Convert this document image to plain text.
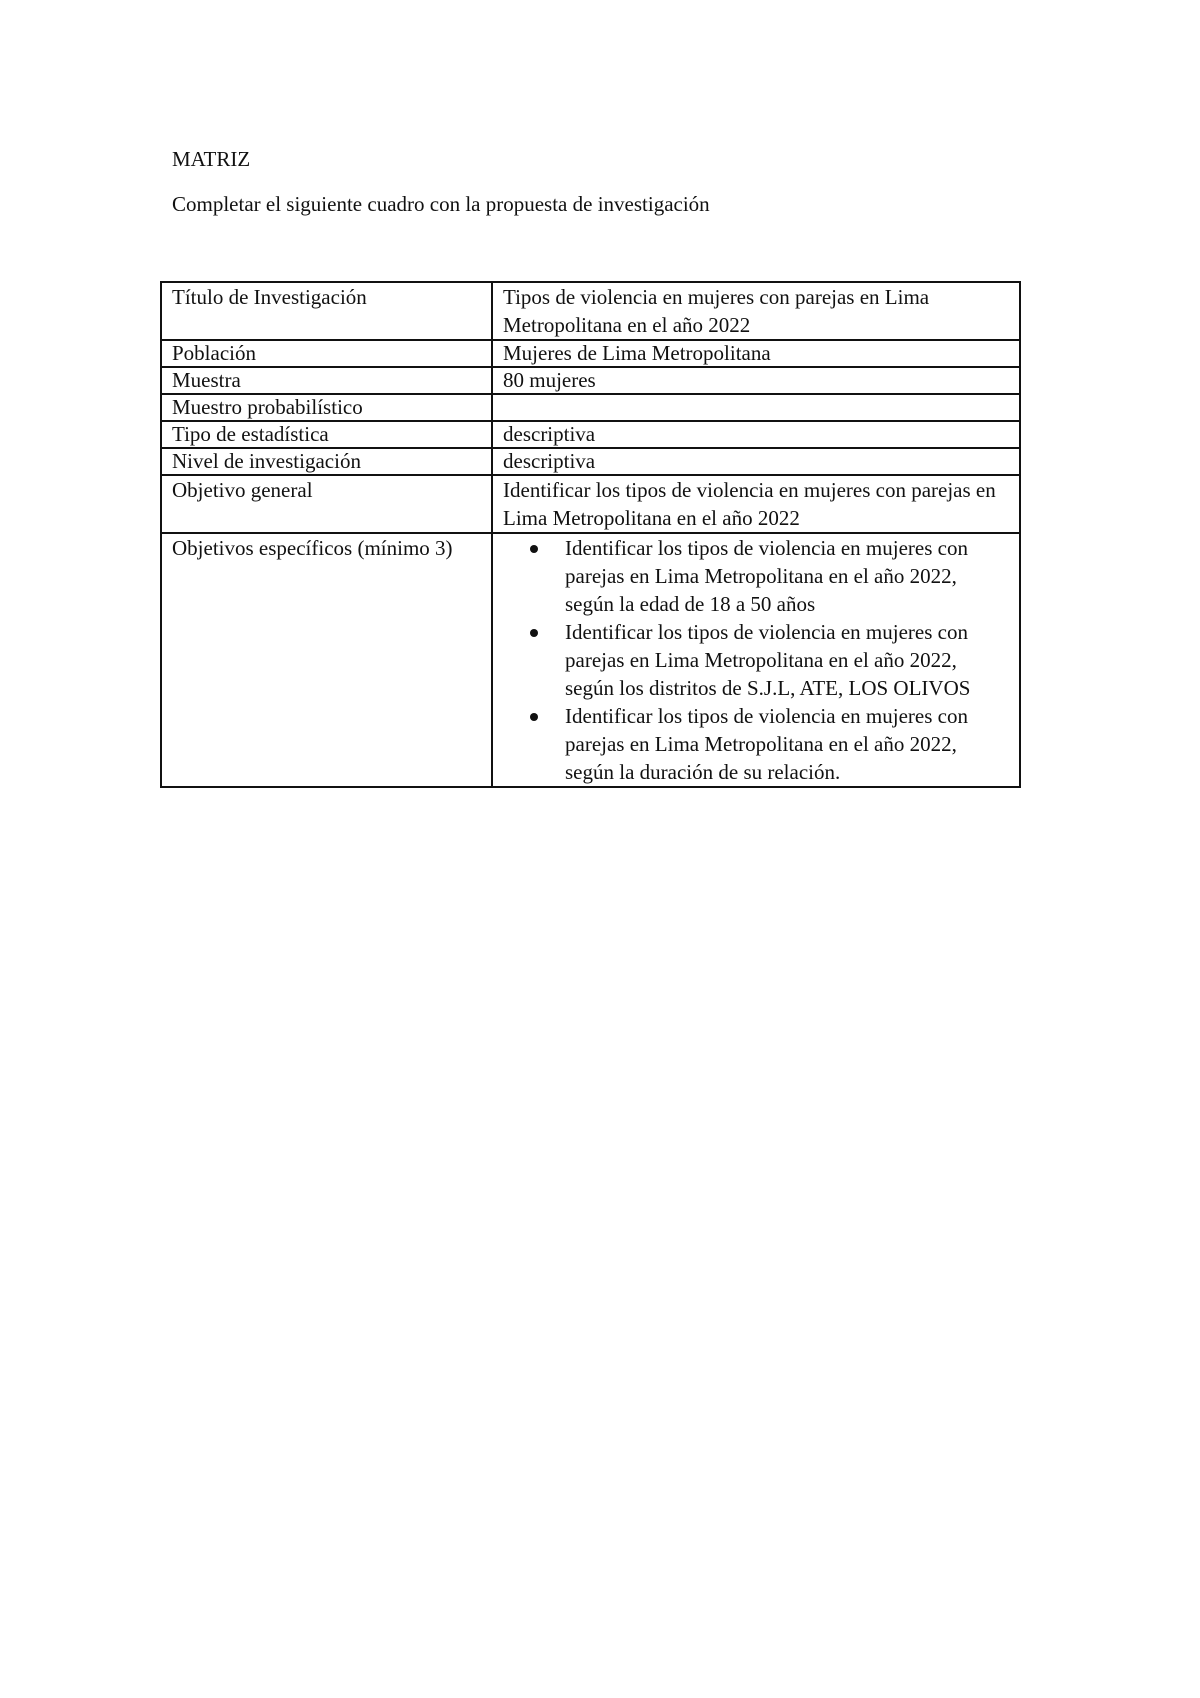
MATRIZ
Completar el siguiente cuadro con la propuesta de investigación
Título de Investigación	Tipos de violencia en mujeres con parejas en Lima Metropolitana en el año 2022
Población	Mujeres de Lima Metropolitana
Muestra	80 mujeres
Muestro probabilístico	
Tipo de estadística	descriptiva
Nivel de investigación	descriptiva
Objetivo general	Identificar los tipos de violencia en mujeres con parejas en Lima Metropolitana en el año 2022
Objetivos específicos (mínimo 3)	Identificar los tipos de violencia en mujeres con parejas en Lima Metropolitana en el año 2022, según la edad de 18 a 50 años
Identificar los tipos de violencia en mujeres con parejas en Lima Metropolitana en el año 2022, según los distritos de S.J.L, ATE, LOS OLIVOS
Identificar los tipos de violencia en mujeres con parejas en Lima Metropolitana en el año 2022, según la duración de su relación.
